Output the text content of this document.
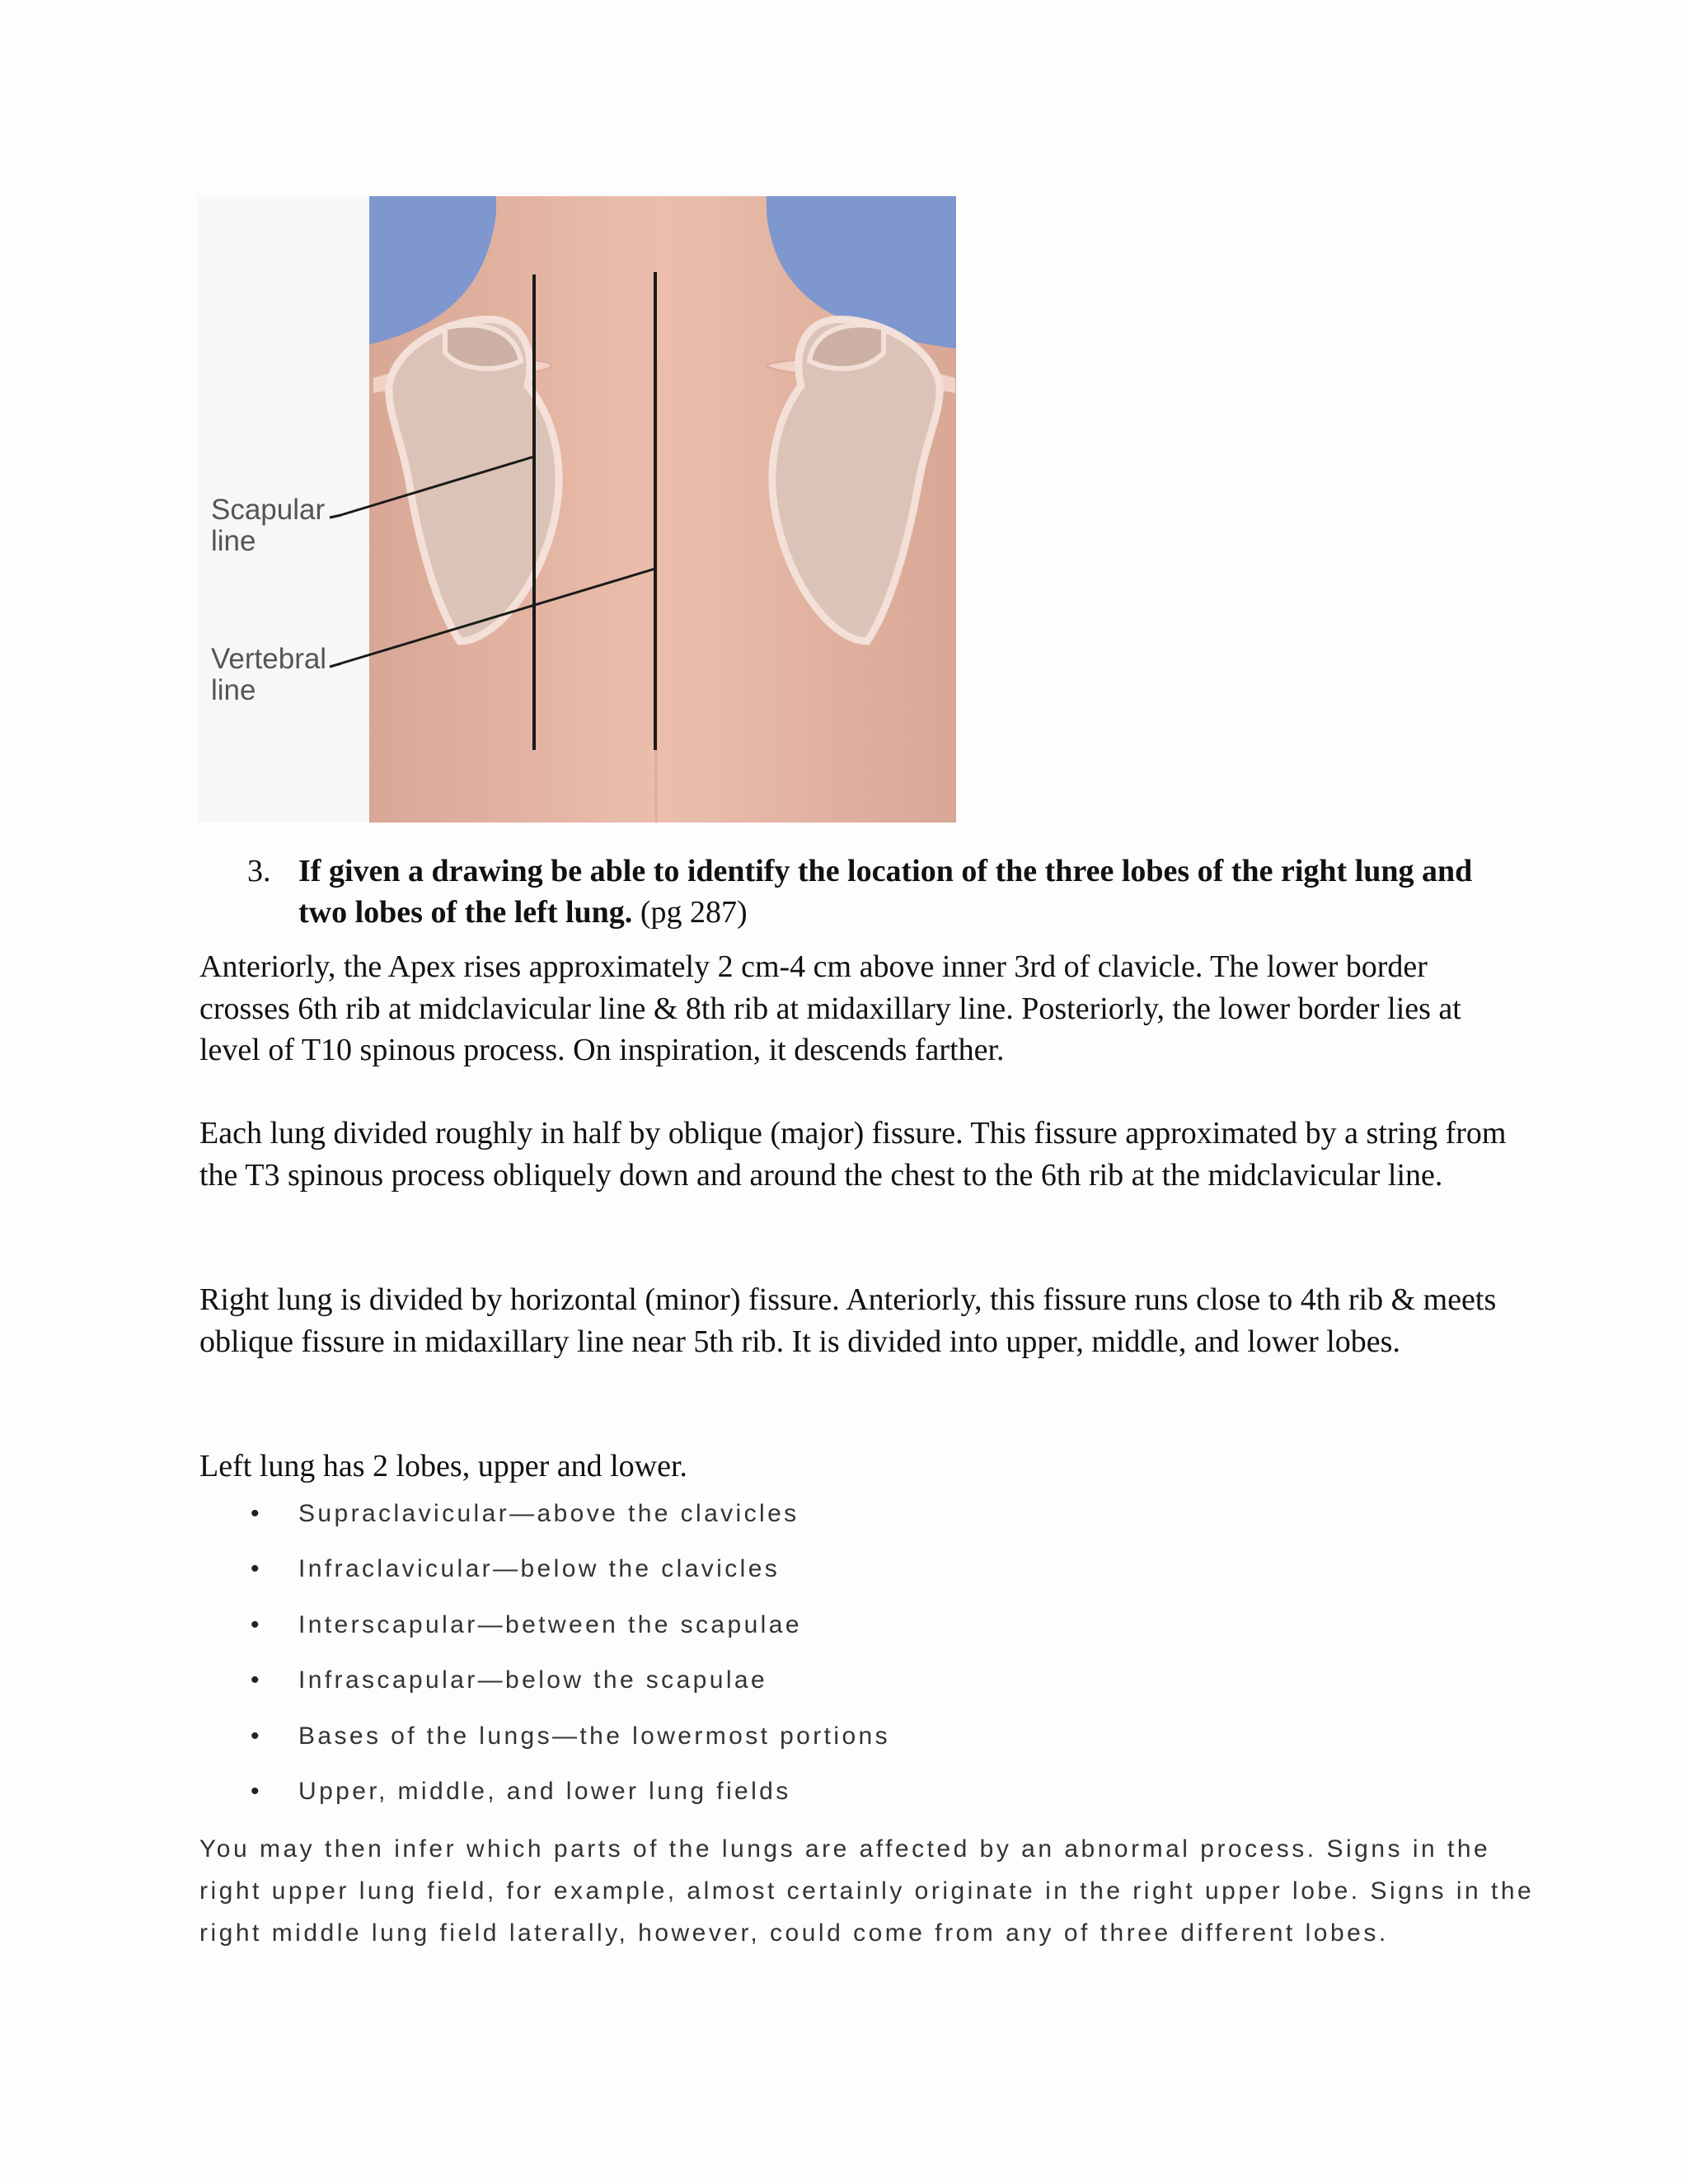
Scapular
line
Vertebral
line
3. If given a drawing be able to identify the location of the three lobes of the right lung and two lobes of the left lung. (pg 287)

Anteriorly, the Apex rises approximately 2 cm-4 cm above inner 3rd of clavicle. The lower border crosses 6th rib at midclavicular line & 8th rib at midaxillary line. Posteriorly, the lower border lies at level of T10 spinous process. On inspiration, it descends farther.

Each lung divided roughly in half by oblique (major) fissure. This fissure approximated by a string from the T3 spinous process obliquely down and around the chest to the 6th rib at the midclavicular line.

Right lung is divided by horizontal (minor) fissure. Anteriorly, this fissure runs close to 4th rib & meets oblique fissure in midaxillary line near 5th rib. It is divided into upper, middle, and lower lobes.

Left lung has 2 lobes, upper and lower.

• Supraclavicular—above the clavicles
• Infraclavicular—below the clavicles
• Interscapular—between the scapulae
• Infrascapular—below the scapulae
• Bases of the lungs—the lowermost portions
• Upper, middle, and lower lung fields

You may then infer which parts of the lungs are affected by an abnormal process. Signs in the right upper lung field, for example, almost certainly originate in the right upper lobe. Signs in the right middle lung field laterally, however, could come from any of three different lobes.
